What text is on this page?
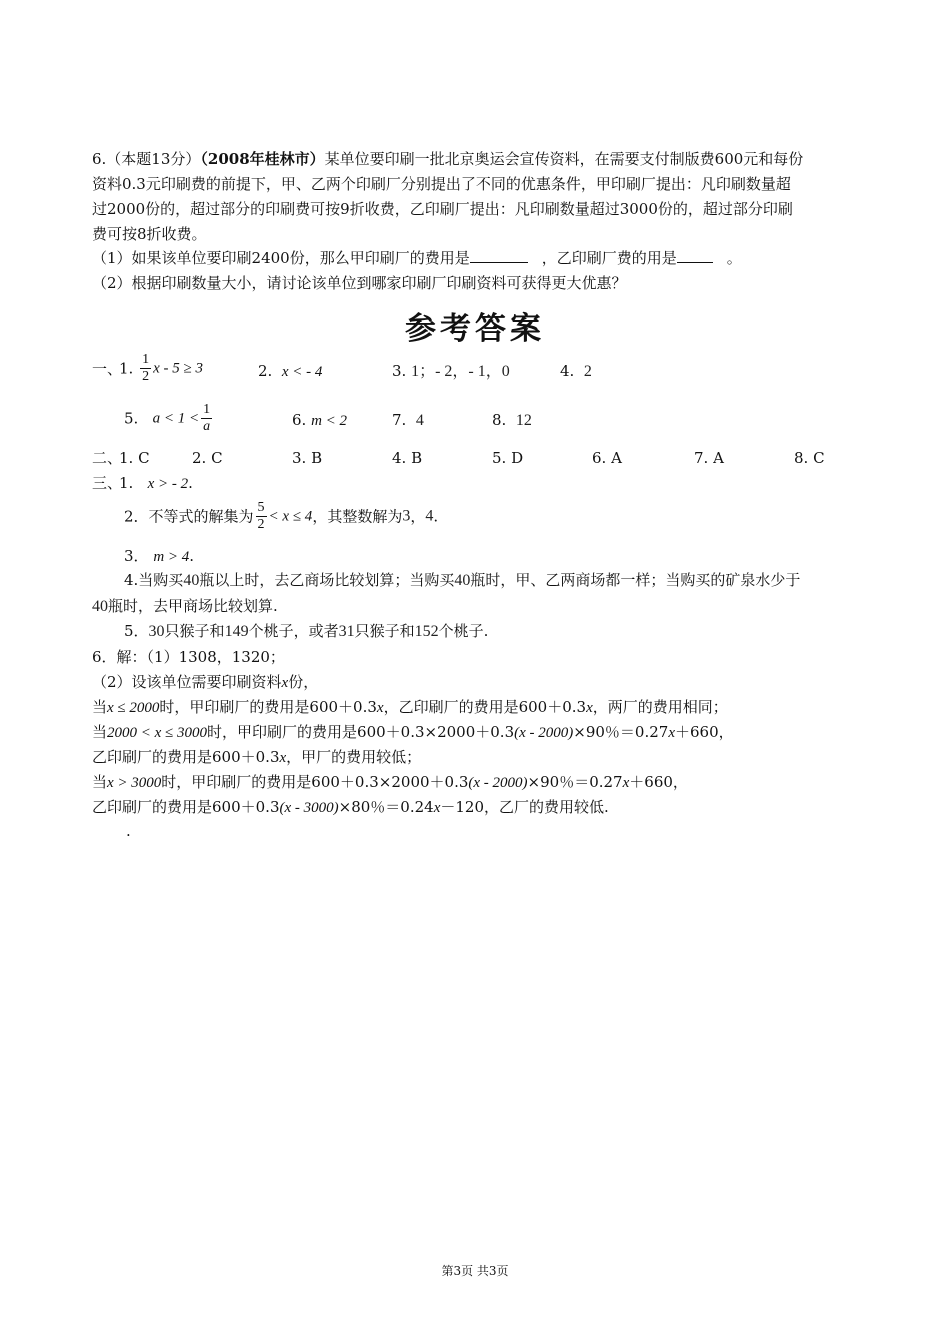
6.（本题13分）（2008年桂林市）某单位要印刷一批北京奥运会宣传资料，在需要支付制版费600元和每份
资料0.3元印刷费的前提下，甲、乙两个印刷厂分别提出了不同的优惠条件，甲印刷厂提出：凡印刷数量超
过2000份的，超过部分的印刷费可按9折收费，乙印刷厂提出：凡印刷数量超过3000份的，超过部分印刷
费可按8折收费。
（1）如果该单位要印刷2400份，那么甲印刷厂的费用是	，乙印刷厂费的用是	。
（2）根据印刷数量大小，请讨论该单位到哪家印刷厂印刷资料可获得更大优惠？
参考答案
一、
1. $\frac{1}{2}$ x - 5 ≥ 3	2. x < - 4	3. 1；- 2，- 1，0	4. 2
5. $a < 1 < \frac{1}{a}$	6. m < 2	7. 4	8. 12
二、
1. C	2. C	3. B	4. B	5. D	6. A	7. A	8. C
三、
1. x > - 2.
2．不等式的解集为 $\frac{5}{2} < x \le 4$，其整数解为3，4.
3． m > 4.
4.当购买40瓶以上时，去乙商场比较划算；当购买40瓶时，甲、乙两商场都一样；当购买的矿泉水少于
40瓶时，去甲商场比较划算.
5．30只猴子和149个桃子，或者31只猴子和152个桃子.
6．解：（1）1308，1320；
（2）设该单位需要印刷资料x份，
当x ≤ 2000时，甲印刷厂的费用是600＋0.3x，乙印刷厂的费用是600＋0.3x，两厂的费用相同；
当2000 < x ≤ 3000时，甲印刷厂的费用是600＋0.3×2000＋0.3(x - 2000)×90％＝0.27x＋660，
乙印刷厂的费用是600＋0.3x，甲厂的费用较低；
当x > 3000时，甲印刷厂的费用是600＋0.3×2000＋0.3(x - 2000)×90％＝0.27x＋660，
乙印刷厂的费用是600＋0.3(x - 3000)×80％＝0.24x－120，乙厂的费用较低.
.
第3页 共3页
